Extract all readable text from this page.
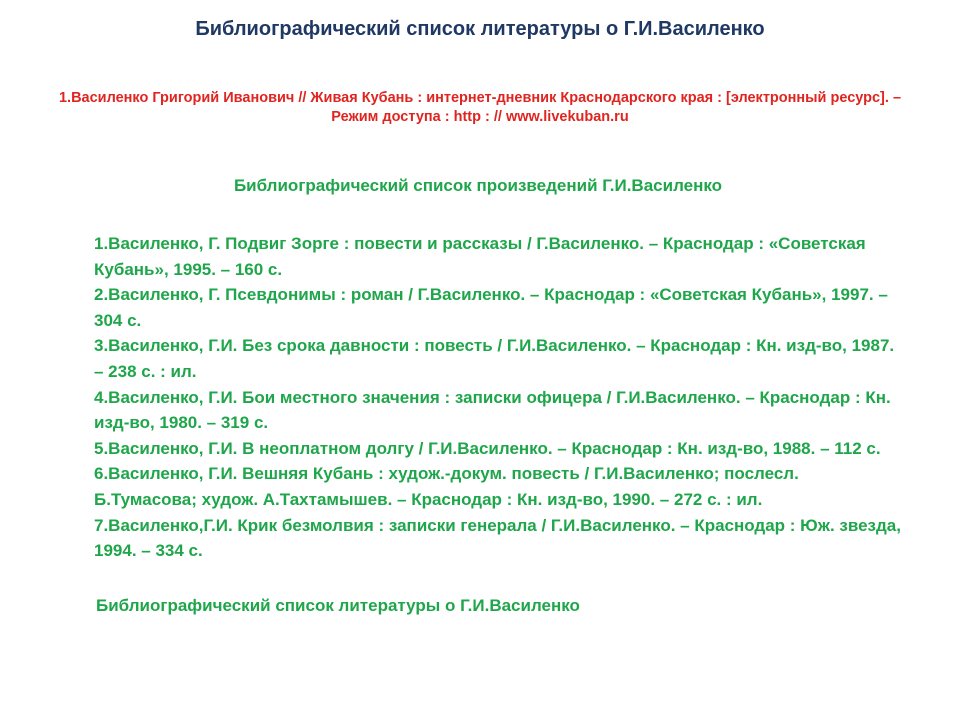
Библиографический список литературы о Г.И.Василенко

1.Василенко Григорий Иванович // Живая Кубань : интернет-дневник Краснодарского края : [электронный ресурс]. – Режим доступа : http : // www.livekuban.ru

Библиографический список произведений Г.И.Василенко
1.Василенко, Г. Подвиг Зорге : повести и рассказы / Г.Василенко. – Краснодар : «Советская Кубань», 1995. – 160 с.
2.Василенко, Г. Псевдонимы : роман / Г.Василенко. – Краснодар : «Советская Кубань», 1997. – 304 с.
3.Василенко, Г.И. Без срока давности : повесть / Г.И.Василенко. – Краснодар : Кн. изд-во, 1987. – 238 с. : ил.
4.Василенко, Г.И. Бои местного значения : записки офицера / Г.И.Василенко. – Краснодар : Кн. изд-во, 1980. – 319 с.
5.Василенко, Г.И. В неоплатном долгу / Г.И.Василенко. – Краснодар : Кн. изд-во, 1988. – 112 с.
6.Василенко, Г.И. Вешняя Кубань : худож.-докум. повесть / Г.И.Василенко; послесл. Б.Тумасова; худож. А.Тахтамышев. – Краснодар : Кн. изд-во, 1990. – 272 с. : ил.
7.Василенко,Г.И. Крик безмолвия : записки генерала / Г.И.Василенко. – Краснодар : Юж. звезда, 1994. – 334 с.
Библиографический список литературы о Г.И.Василенко
